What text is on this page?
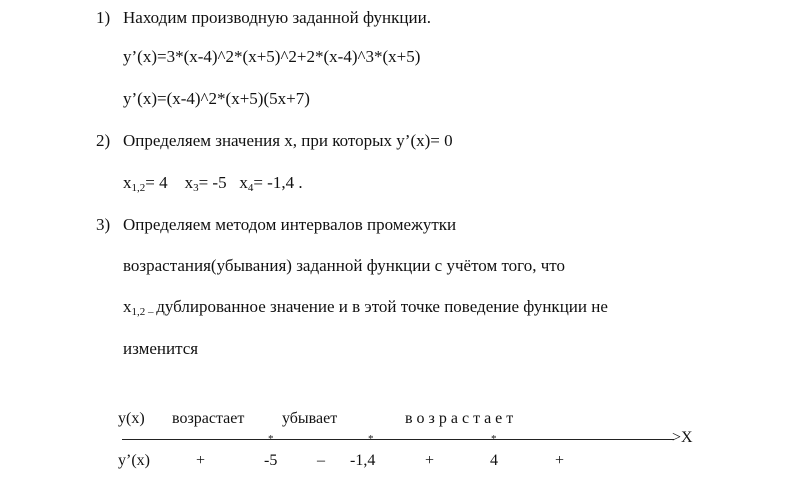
1) Находим производную заданной функции.
y’(x)=3*(x-4)^2*(x+5)^2+2*(x-4)^3*(x+5)
y’(x)=(x-4)^2*(x+5)(5x+7)
2) Определяем значения x, при которых y’(x)= 0
$x_{1,2}= 4$ $x_3= -5$ $x_4= -1,4$ .
3) Определяем методом интервалов промежутки
возрастания(убывания) заданной функции с учётом того, что
$x_{1,2 -}$ дублированное значение и в этой точке поведение функции не
изменится
y(x) возрастает убывает	в о з р а с т а е т
>X
*	*	*
y’(x)	+	-5 – -1,4	+	4	+
